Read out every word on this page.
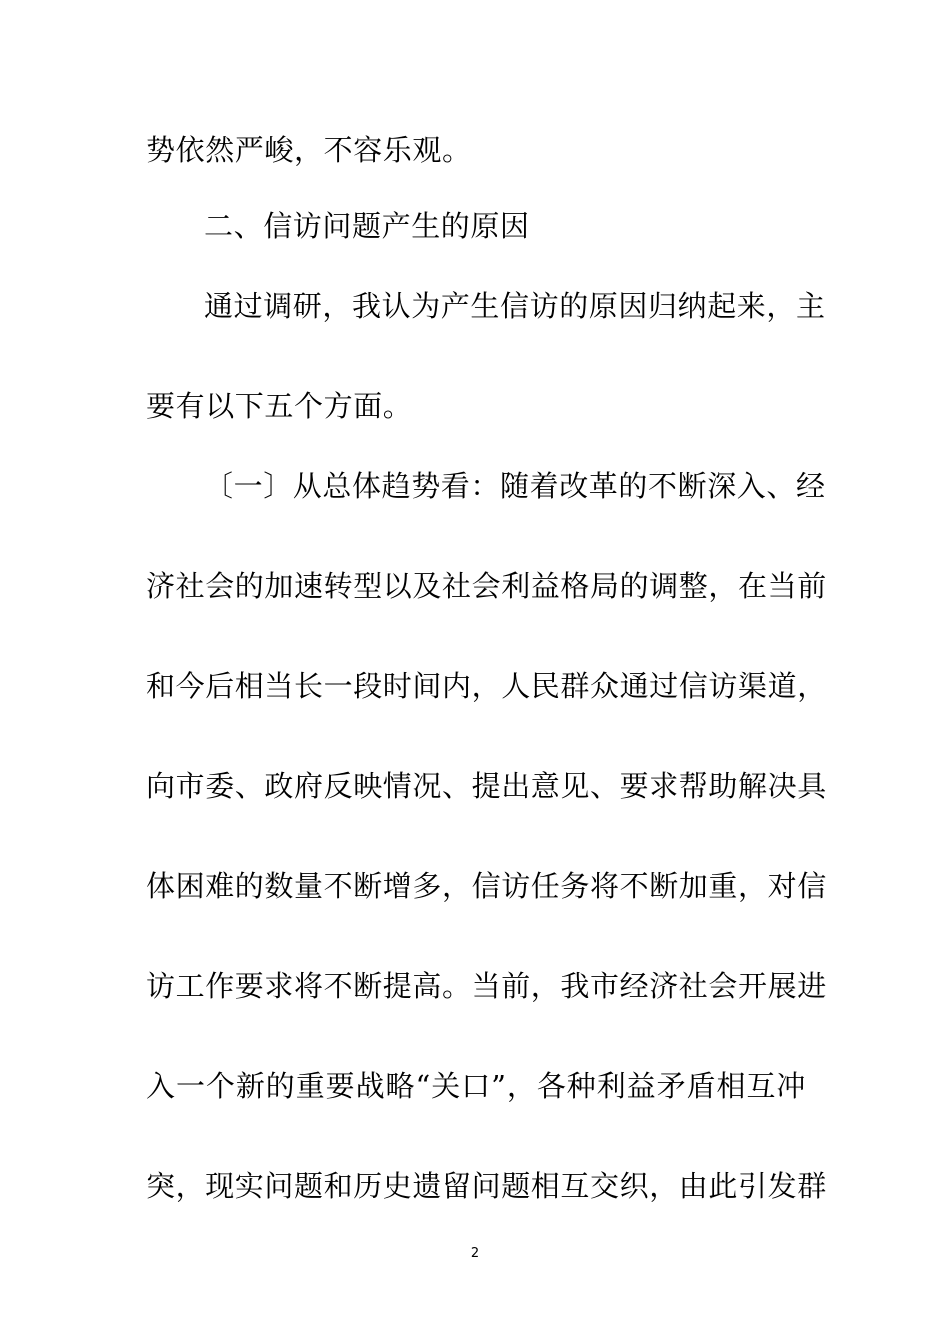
势依然严峻，不容乐观。
二、信访问题产生的原因
通过调研，我认为产生信访的原因归纳起来，主
要有以下五个方面。
〔一〕从总体趋势看：随着改革的不断深入、经
济社会的加速转型以及社会利益格局的调整，在当前
和今后相当长一段时间内，人民群众通过信访渠道，
向市委、政府反映情况、提出意见、要求帮助解决具
体困难的数量不断增多，信访任务将不断加重，对信
访工作要求将不断提高。当前，我市经济社会开展进
入一个新的重要战略“关口”，各种利益矛盾相互冲
突，现实问题和历史遗留问题相互交织，由此引发群
2
